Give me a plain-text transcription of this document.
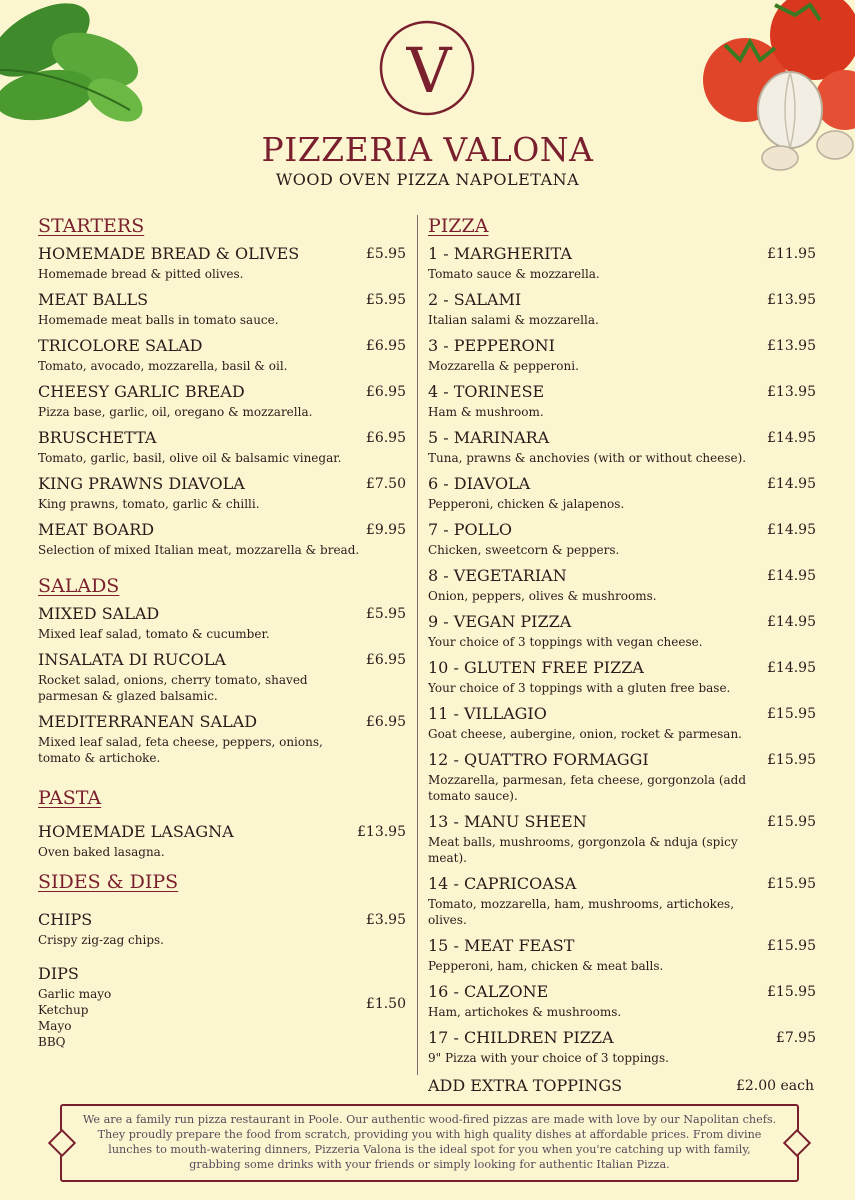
V
PIZZERIA VALONA
WOOD OVEN PIZZA NAPOLETANA
STARTERS
HOMEMADE BREAD & OLIVES	£5.95
Homemade bread & pitted olives.
MEAT BALLS	£5.95
Homemade meat balls in tomato sauce.
TRICOLORE SALAD	£6.95
Tomato, avocado, mozzarella, basil & oil.
CHEESY GARLIC BREAD	£6.95
Pizza base, garlic, oil, oregano & mozzarella.
BRUSCHETTA	£6.95
Tomato, garlic, basil, olive oil & balsamic vinegar.
KING PRAWNS DIAVOLA	£7.50
King prawns, tomato, garlic & chilli.
MEAT BOARD	£9.95
Selection of mixed Italian meat, mozzarella & bread.
SALADS
MIXED SALAD	£5.95
Mixed leaf salad, tomato & cucumber.
INSALATA DI RUCOLA	£6.95
Rocket salad, onions, cherry tomato, shaved parmesan & glazed balsamic.
MEDITERRANEAN SALAD	£6.95
Mixed leaf salad, feta cheese, peppers, onions, tomato & artichoke.
PASTA
HOMEMADE LASAGNA	£13.95
Oven baked lasagna.
SIDES & DIPS
CHIPS	£3.95
Crispy zig-zag chips.
DIPS
£1.50
Garlic mayo
Ketchup
Mayo
BBQ
PIZZA
1 - MARGHERITA	£11.95
Tomato sauce & mozzarella.
2 - SALAMI	£13.95
Italian salami & mozzarella.
3 - PEPPERONI	£13.95
Mozzarella & pepperoni.
4 - TORINESE	£13.95
Ham & mushroom.
5 - MARINARA	£14.95
Tuna, prawns & anchovies (with or without cheese).
6 - DIAVOLA	£14.95
Pepperoni, chicken & jalapenos.
7 - POLLO	£14.95
Chicken, sweetcorn & peppers.
8 - VEGETARIAN	£14.95
Onion, peppers, olives & mushrooms.
9 - VEGAN PIZZA	£14.95
Your choice of 3 toppings with vegan cheese.
10 - GLUTEN FREE PIZZA	£14.95
Your choice of 3 toppings with a gluten free base.
11 - VILLAGIO	£15.95
Goat cheese, aubergine, onion, rocket & parmesan.
12 - QUATTRO FORMAGGI	£15.95
Mozzarella, parmesan, feta cheese, gorgonzola (add tomato sauce).
13 - MANU SHEEN	£15.95
Meat balls, mushrooms, gorgonzola & nduja (spicy meat).
14 - CAPRICOASA	£15.95
Tomato, mozzarella, ham, mushrooms, artichokes, olives.
15 - MEAT FEAST	£15.95
Pepperoni, ham, chicken & meat balls.
16 - CALZONE	£15.95
Ham, artichokes & mushrooms.
17 - CHILDREN PIZZA	£7.95
9" Pizza with your choice of 3 toppings.
ADD EXTRA TOPPINGS	£2.00 each

We are a family run pizza restaurant in Poole. Our authentic wood-fired pizzas are made with love by our Napolitan chefs. They proudly prepare the food from scratch, providing you with high quality dishes at affordable prices. From divine lunches to mouth-watering dinners, Pizzeria Valona is the ideal spot for you when you're catching up with family, grabbing some drinks with your friends or simply looking for authentic Italian Pizza.
